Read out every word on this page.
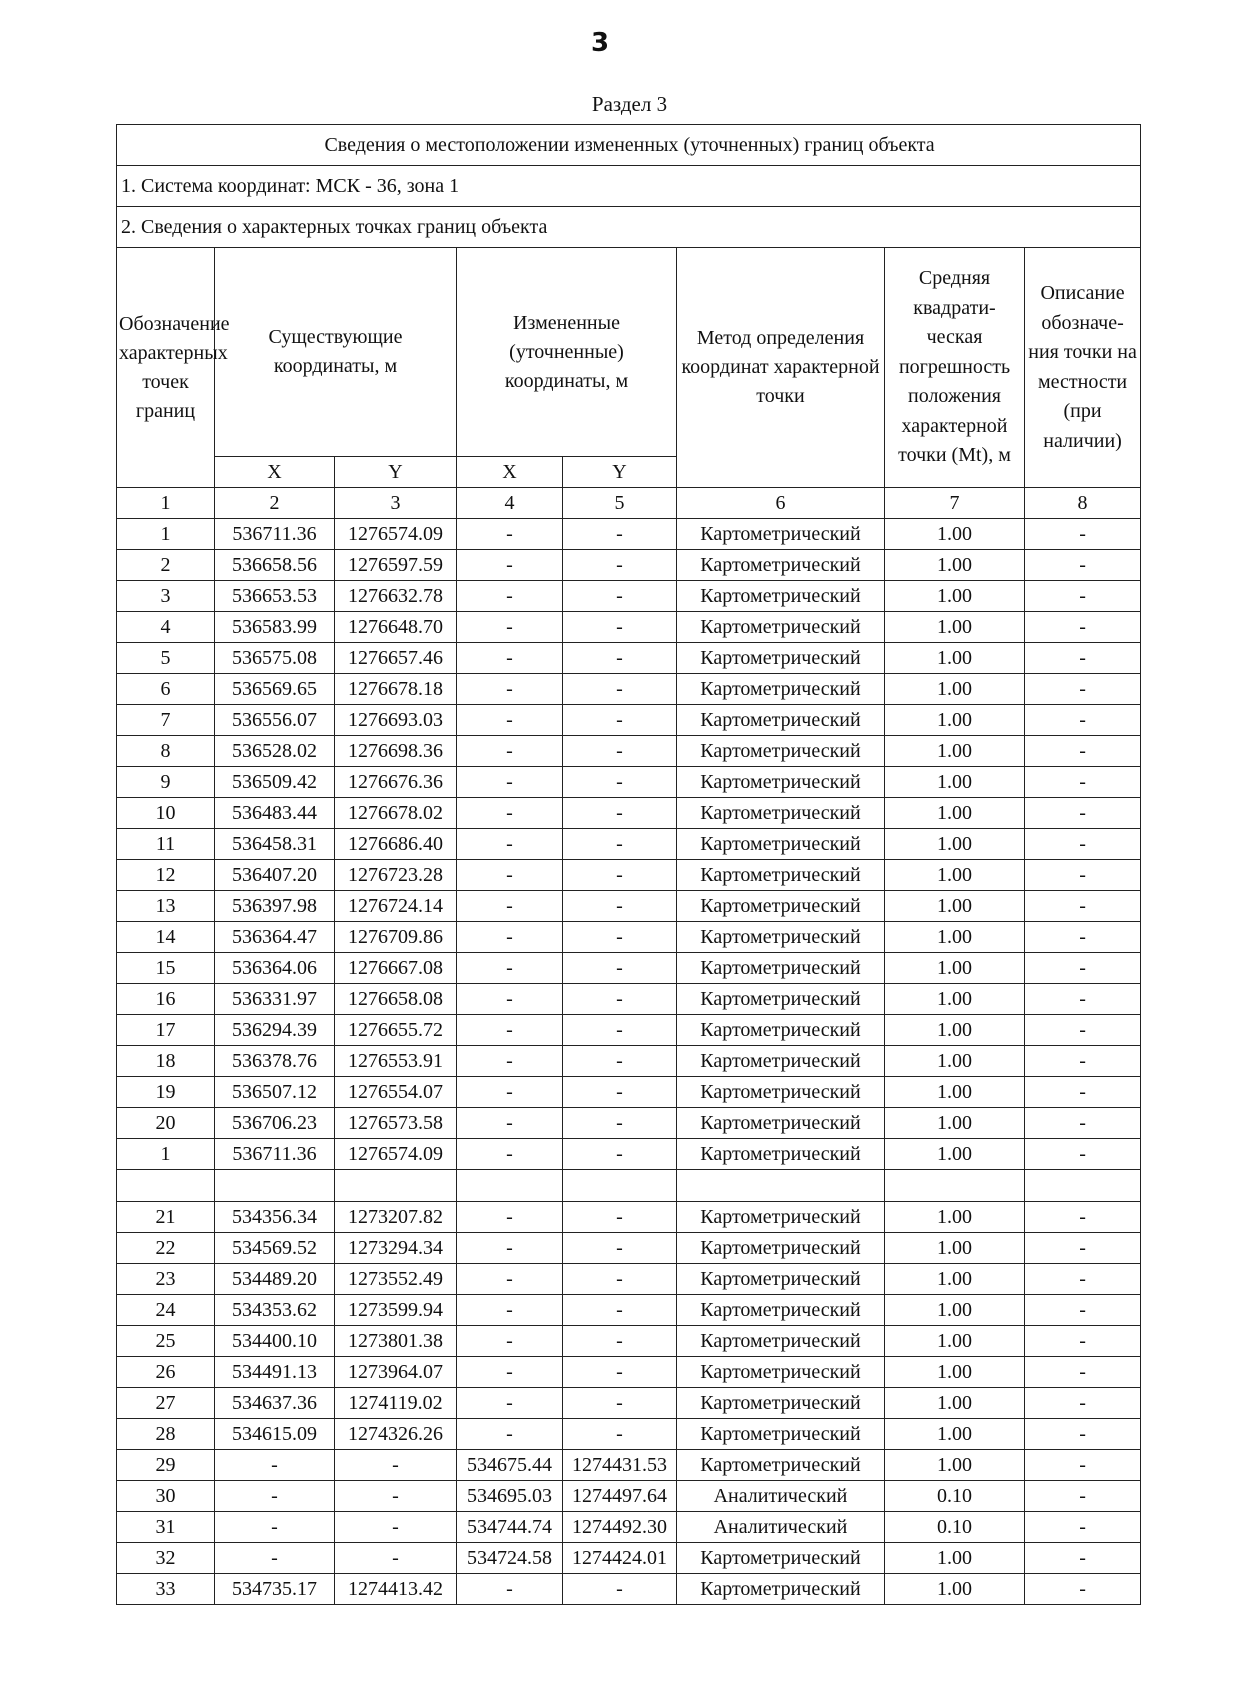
3
Раздел 3
Сведения о местоположении измененных (уточненных) границ объекта							
1. Система координат: МСК - 36, зона 1							
2. Сведения о характерных точках границ объекта							
Обозначение характерных точек границ	Существующие координаты, м		Измененные (уточненные) координаты, м		Метод определения координат характерной точки	Средняя квадрати-ческая погрешность положения характерной точки (Mt), м	Описание обозначе-ния точки на местности (при наличии)
	X	Y	X	Y			
1	2	3	4	5	6	7	8
1	536711.36	1276574.09	-	-	Картометрический	1.00	-
2	536658.56	1276597.59	-	-	Картометрический	1.00	-
3	536653.53	1276632.78	-	-	Картометрический	1.00	-
4	536583.99	1276648.70	-	-	Картометрический	1.00	-
5	536575.08	1276657.46	-	-	Картометрический	1.00	-
6	536569.65	1276678.18	-	-	Картометрический	1.00	-
7	536556.07	1276693.03	-	-	Картометрический	1.00	-
8	536528.02	1276698.36	-	-	Картометрический	1.00	-
9	536509.42	1276676.36	-	-	Картометрический	1.00	-
10	536483.44	1276678.02	-	-	Картометрический	1.00	-
11	536458.31	1276686.40	-	-	Картометрический	1.00	-
12	536407.20	1276723.28	-	-	Картометрический	1.00	-
13	536397.98	1276724.14	-	-	Картометрический	1.00	-
14	536364.47	1276709.86	-	-	Картометрический	1.00	-
15	536364.06	1276667.08	-	-	Картометрический	1.00	-
16	536331.97	1276658.08	-	-	Картометрический	1.00	-
17	536294.39	1276655.72	-	-	Картометрический	1.00	-
18	536378.76	1276553.91	-	-	Картометрический	1.00	-
19	536507.12	1276554.07	-	-	Картометрический	1.00	-
20	536706.23	1276573.58	-	-	Картометрический	1.00	-
1	536711.36	1276574.09	-	-	Картометрический	1.00	-

21	534356.34	1273207.82	-	-	Картометрический	1.00	-
22	534569.52	1273294.34	-	-	Картометрический	1.00	-
23	534489.20	1273552.49	-	-	Картометрический	1.00	-
24	534353.62	1273599.94	-	-	Картометрический	1.00	-
25	534400.10	1273801.38	-	-	Картометрический	1.00	-
26	534491.13	1273964.07	-	-	Картометрический	1.00	-
27	534637.36	1274119.02	-	-	Картометрический	1.00	-
28	534615.09	1274326.26	-	-	Картометрический	1.00	-
29	-	-	534675.44	1274431.53	Картометрический	1.00	-
30	-	-	534695.03	1274497.64	Аналитический	0.10	-
31	-	-	534744.74	1274492.30	Аналитический	0.10	-
32	-	-	534724.58	1274424.01	Картометрический	1.00	-
33	534735.17	1274413.42	-	-	Картометрический	1.00	-
